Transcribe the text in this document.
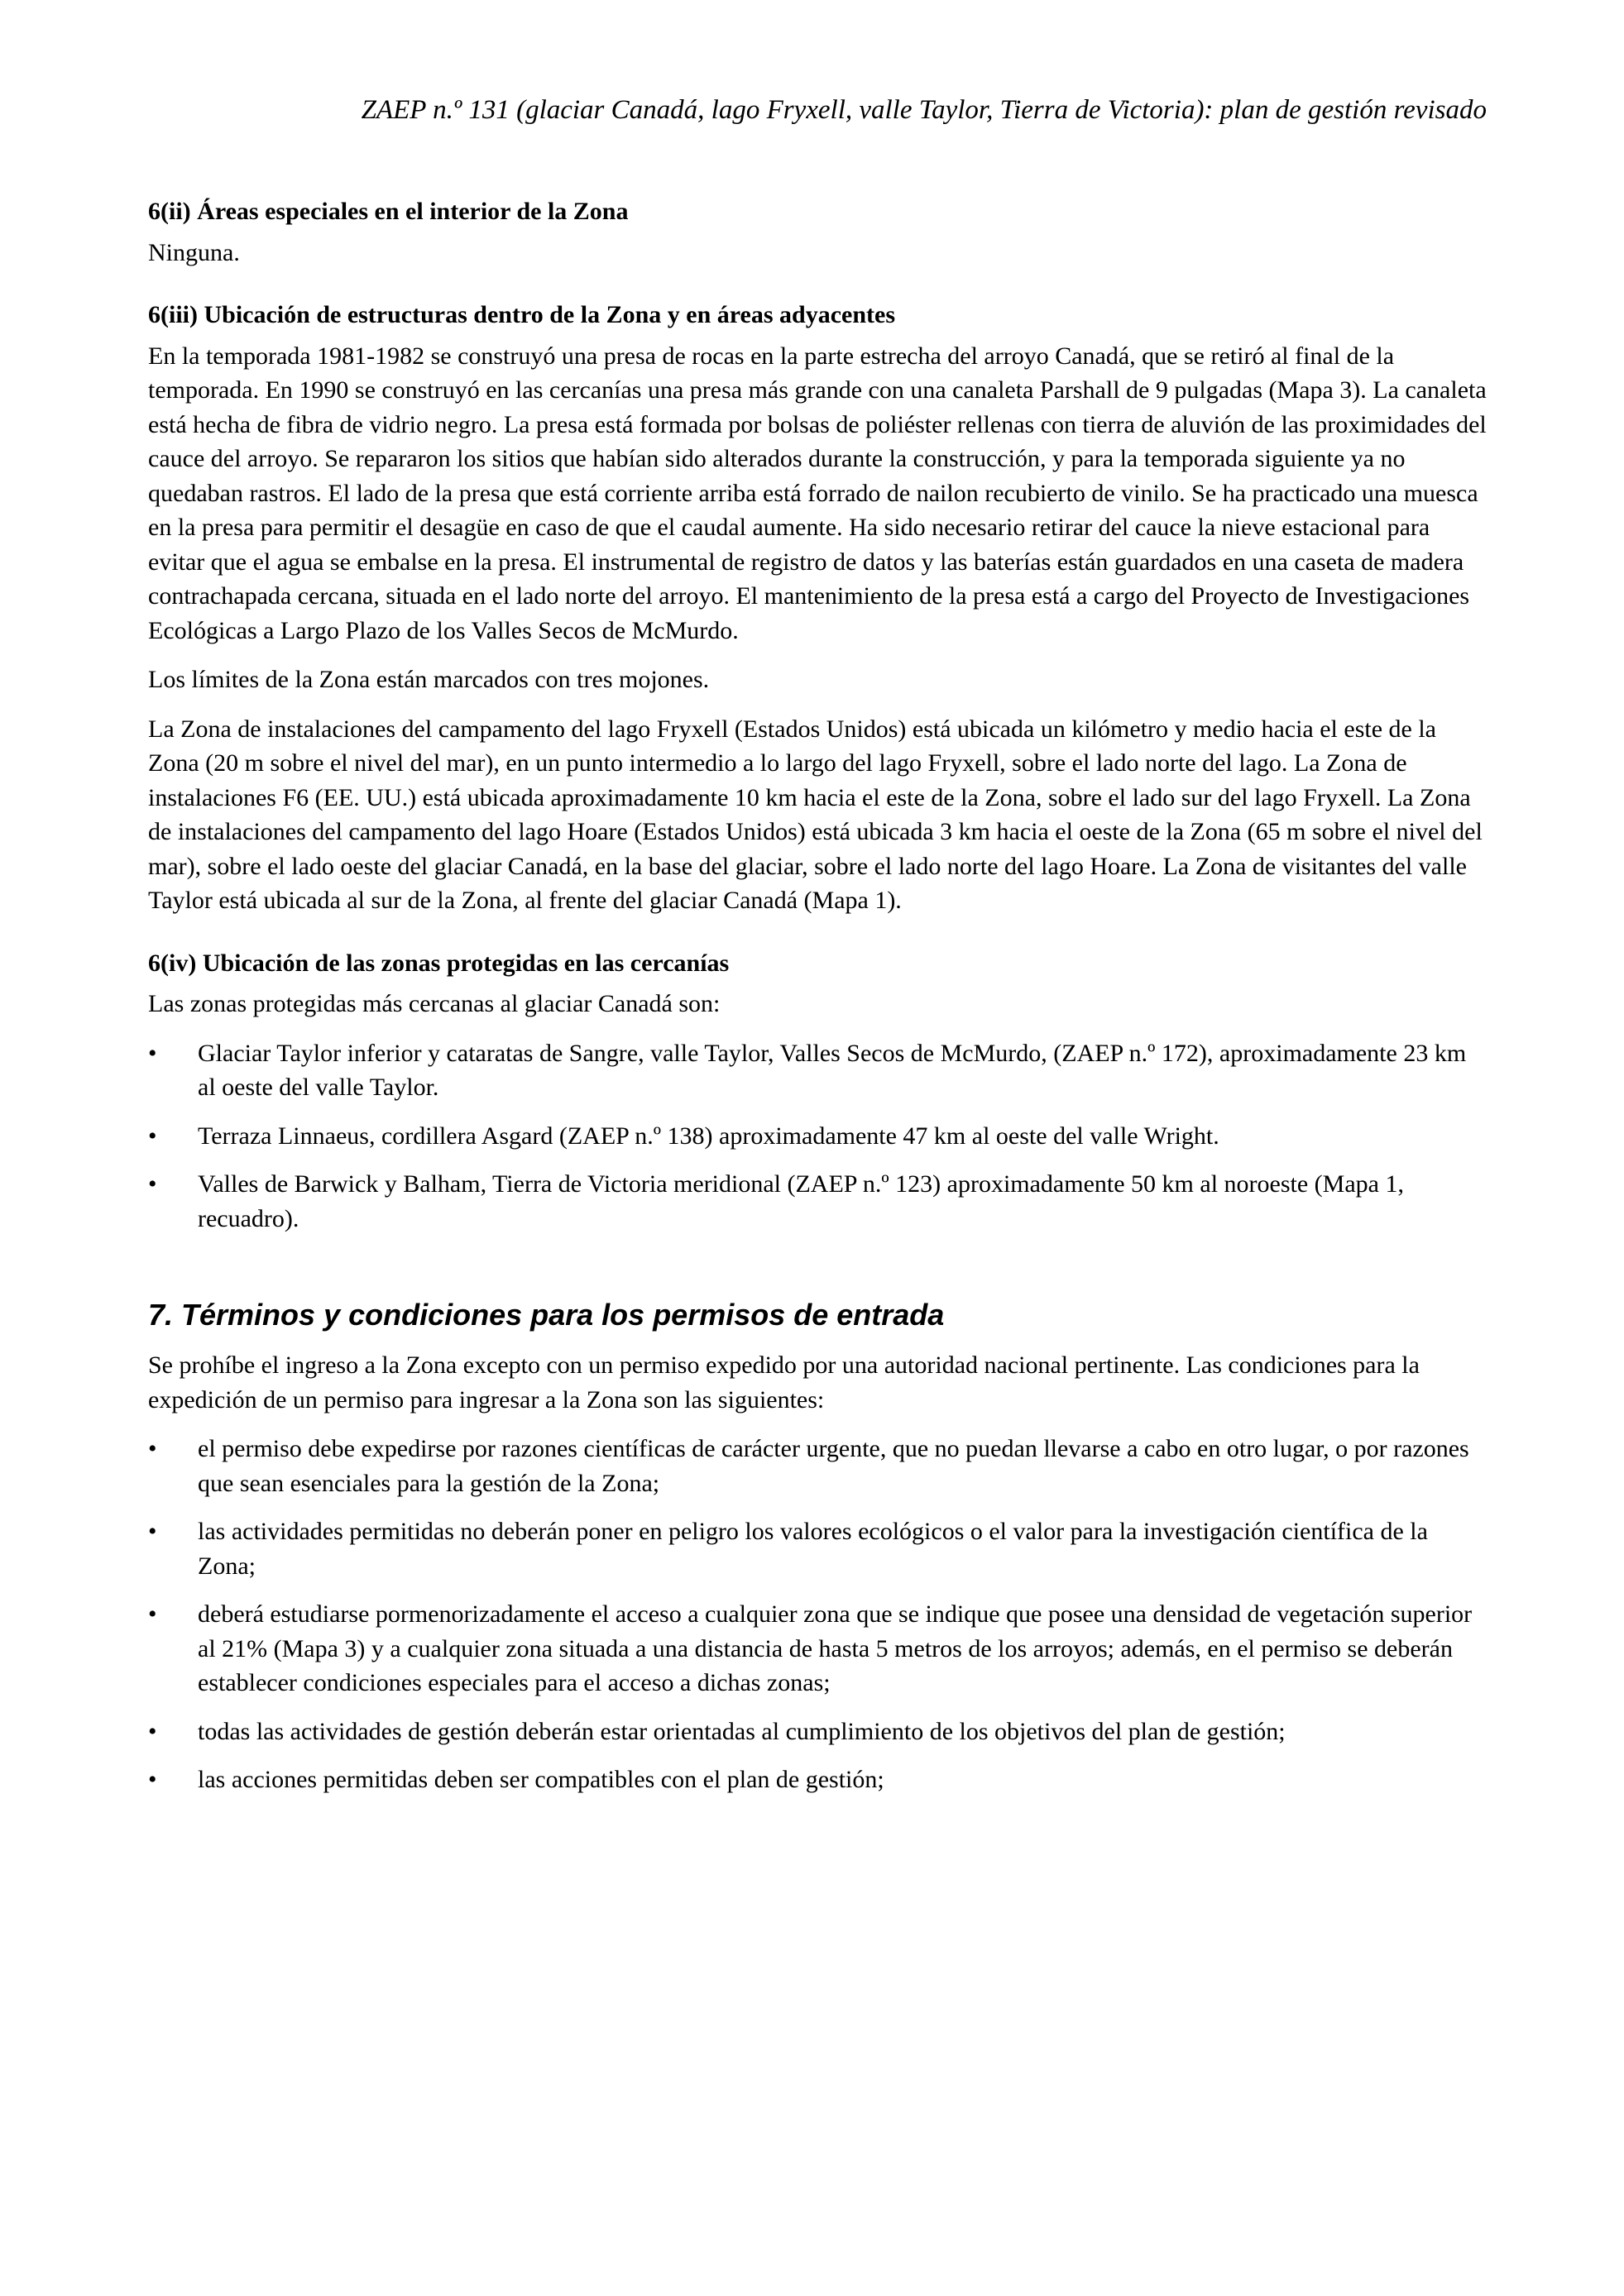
ZAEP n.º 131 (glaciar Canadá, lago Fryxell, valle Taylor, Tierra de Victoria): plan de gestión revisado
6(ii) Áreas especiales en el interior de la Zona

Ninguna.

6(iii) Ubicación de estructuras dentro de la Zona y en áreas adyacentes

En la temporada 1981-1982 se construyó una presa de rocas en la parte estrecha del arroyo Canadá, que se retiró al final de la temporada. En 1990 se construyó en las cercanías una presa más grande con una canaleta Parshall de 9 pulgadas (Mapa 3). La canaleta está hecha de fibra de vidrio negro. La presa está formada por bolsas de poliéster rellenas con tierra de aluvión de las proximidades del cauce del arroyo. Se repararon los sitios que habían sido alterados durante la construcción, y para la temporada siguiente ya no quedaban rastros. El lado de la presa que está corriente arriba está forrado de nailon recubierto de vinilo. Se ha practicado una muesca en la presa para permitir el desagüe en caso de que el caudal aumente. Ha sido necesario retirar del cauce la nieve estacional para evitar que el agua se embalse en la presa. El instrumental de registro de datos y las baterías están guardados en una caseta de madera contrachapada cercana, situada en el lado norte del arroyo. El mantenimiento de la presa está a cargo del Proyecto de Investigaciones Ecológicas a Largo Plazo de los Valles Secos de McMurdo.

Los límites de la Zona están marcados con tres mojones.

La Zona de instalaciones del campamento del lago Fryxell (Estados Unidos) está ubicada un kilómetro y medio hacia el este de la Zona (20 m sobre el nivel del mar), en un punto intermedio a lo largo del lago Fryxell, sobre el lado norte del lago. La Zona de instalaciones F6 (EE. UU.) está ubicada aproximadamente 10 km hacia el este de la Zona, sobre el lado sur del lago Fryxell. La Zona de instalaciones del campamento del lago Hoare (Estados Unidos) está ubicada 3 km hacia el oeste de la Zona (65 m sobre el nivel del mar), sobre el lado oeste del glaciar Canadá, en la base del glaciar, sobre el lado norte del lago Hoare. La Zona de visitantes del valle Taylor está ubicada al sur de la Zona, al frente del glaciar Canadá (Mapa 1).

6(iv) Ubicación de las zonas protegidas en las cercanías

Las zonas protegidas más cercanas al glaciar Canadá son:

•	Glaciar Taylor inferior y cataratas de Sangre, valle Taylor, Valles Secos de McMurdo, (ZAEP n.º 172), aproximadamente 23 km al oeste del valle Taylor.
•	Terraza Linnaeus, cordillera Asgard (ZAEP n.º 138) aproximadamente 47 km al oeste del valle Wright.
•	Valles de Barwick y Balham, Tierra de Victoria meridional (ZAEP n.º 123) aproximadamente 50 km al noroeste (Mapa 1, recuadro).
7. Términos y condiciones para los permisos de entrada

Se prohíbe el ingreso a la Zona excepto con un permiso expedido por una autoridad nacional pertinente. Las condiciones para la expedición de un permiso para ingresar a la Zona son las siguientes:

•	el permiso debe expedirse por razones científicas de carácter urgente, que no puedan llevarse a cabo en otro lugar, o por razones que sean esenciales para la gestión de la Zona;
•	las actividades permitidas no deberán poner en peligro los valores ecológicos o el valor para la investigación científica de la Zona;
•	deberá estudiarse pormenorizadamente el acceso a cualquier zona que se indique que posee una densidad de vegetación superior al 21% (Mapa 3) y a cualquier zona situada a una distancia de hasta 5 metros de los arroyos; además, en el permiso se deberán establecer condiciones especiales para el acceso a dichas zonas;
•	todas las actividades de gestión deberán estar orientadas al cumplimiento de los objetivos del plan de gestión;
•	las acciones permitidas deben ser compatibles con el plan de gestión;
